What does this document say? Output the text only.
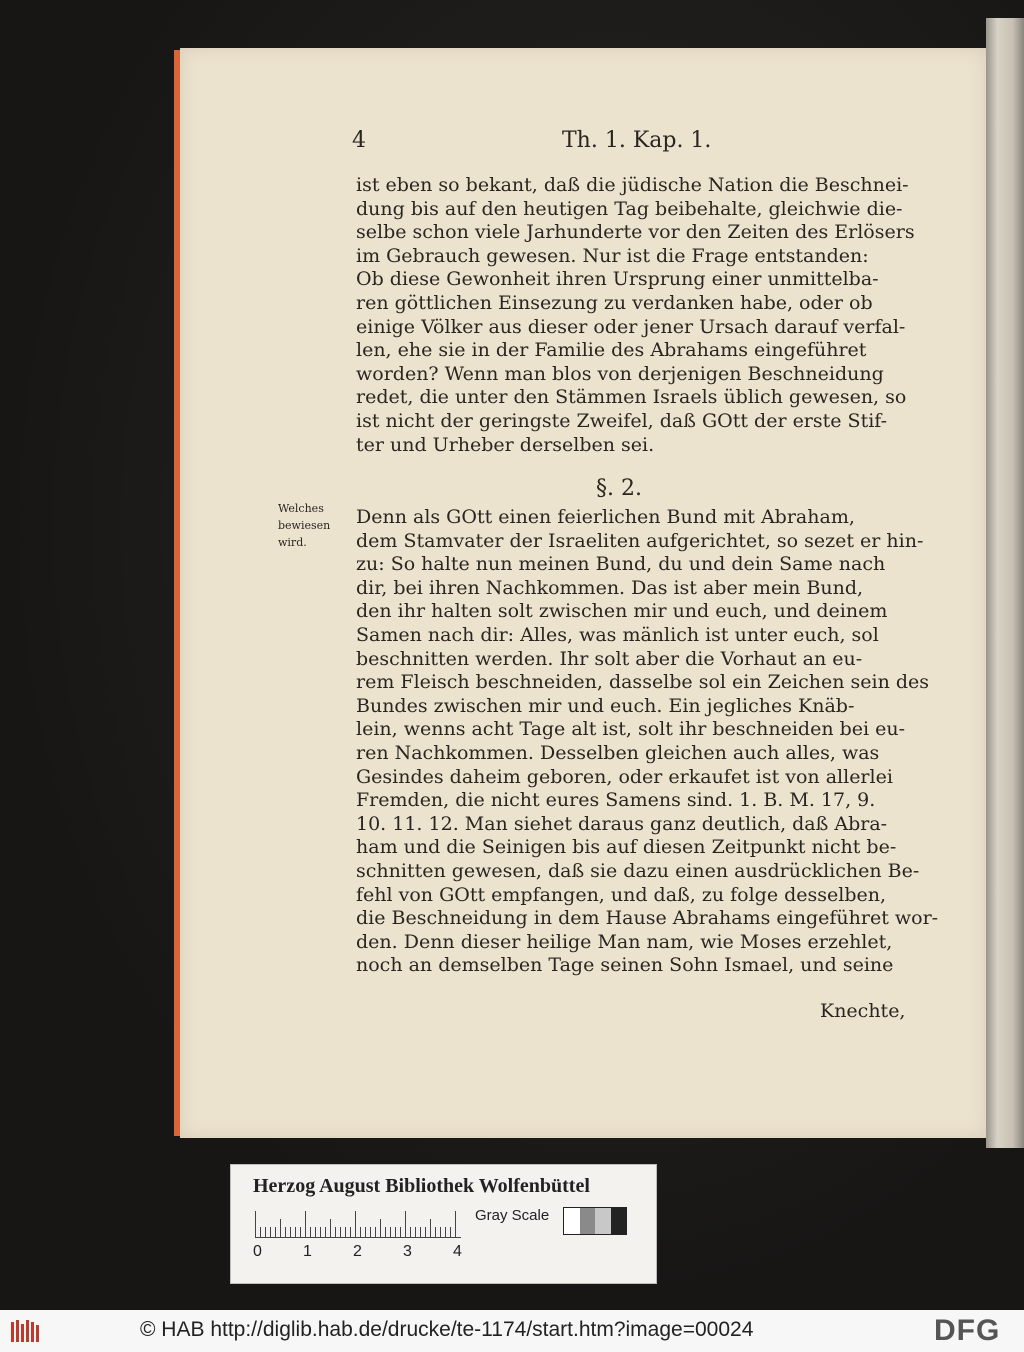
4	Th. 1. Kap. 1.
ist eben so bekant, daß die jüdische Nation die Beschnei-
dung bis auf den heutigen Tag beibehalte, gleichwie die-
selbe schon viele Jarhunderte vor den Zeiten des Erlösers
im Gebrauch gewesen. Nur ist die Frage entstanden:
Ob diese Gewonheit ihren Ursprung einer unmittelba-
ren göttlichen Einsezung zu verdanken habe, oder ob
einige Völker aus dieser oder jener Ursach darauf verfal-
len, ehe sie in der Familie des Abrahams eingeführet
worden? Wenn man blos von derjenigen Beschneidung
redet, die unter den Stämmen Israels üblich gewesen, so
ist nicht der geringste Zweifel, daß GOtt der erste Stif-
ter und Urheber derselben sei.
Welches
bewiesen
wird.
§. 2.
Denn als GOtt einen feierlichen Bund mit Abraham,
dem Stamvater der Israeliten aufgerichtet, so sezet er hin-
zu: So halte nun meinen Bund, du und dein Same nach
dir, bei ihren Nachkommen. Das ist aber mein Bund,
den ihr halten solt zwischen mir und euch, und deinem
Samen nach dir: Alles, was mänlich ist unter euch, sol
beschnitten werden. Ihr solt aber die Vorhaut an eu-
rem Fleisch beschneiden, dasselbe sol ein Zeichen sein des
Bundes zwischen mir und euch. Ein jegliches Knäb-
lein, wenns acht Tage alt ist, solt ihr beschneiden bei eu-
ren Nachkommen. Desselben gleichen auch alles, was
Gesindes daheim geboren, oder erkaufet ist von allerlei
Fremden, die nicht eures Samens sind. 1. B. M. 17, 9.
10. 11. 12. Man siehet daraus ganz deutlich, daß Abra-
ham und die Seinigen bis auf diesen Zeitpunkt nicht be-
schnitten gewesen, daß sie dazu einen ausdrücklichen Be-
fehl von GOtt empfangen, und daß, zu folge desselben,
die Beschneidung in dem Hause Abrahams eingeführet wor-
den. Denn dieser heilige Man nam, wie Moses erzehlet,
noch an demselben Tage seinen Sohn Ismael, und seine
Knechte,
Herzog August Bibliothek Wolfenbüttel
Gray Scale
0	1	2	3	4
© HAB http://diglib.hab.de/drucke/te-1174/start.htm?image=00024	DFG
